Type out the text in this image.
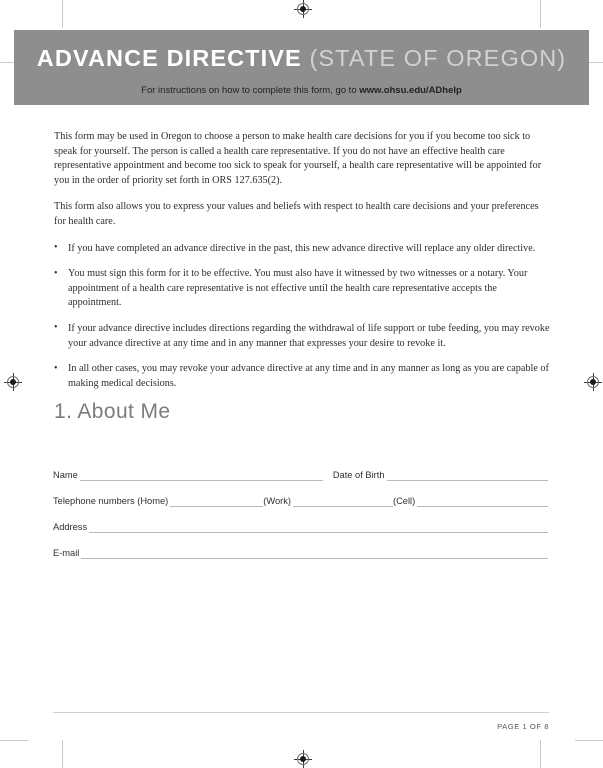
ADVANCE DIRECTIVE (STATE OF OREGON)
For instructions on how to complete this form, go to www.ohsu.edu/ADhelp

This form may be used in Oregon to choose a person to make health care decisions for you if you become too sick to speak for yourself. The person is called a health care representative. If you do not have an effective health care representative appointment and become too sick to speak for yourself, a health care representative will be appointed for you in the order of priority set forth in ORS 127.635(2).

This form also allows you to express your values and beliefs with respect to health care decisions and your preferences for health care.

• If you have completed an advance directive in the past, this new advance directive will replace any older directive.
• You must sign this form for it to be effective. You must also have it witnessed by two witnesses or a notary. Your appointment of a health care representative is not effective until the health care representative accepts the appointment.
• If your advance directive includes directions regarding the withdrawal of life support or tube feeding, you may revoke your advance directive at any time and in any manner that expresses your desire to revoke it.
• In all other cases, you may revoke your advance directive at any time and in any manner as long as you are capable of making medical decisions.
1. About Me
Name	Date of Birth
Telephone numbers (Home)	(Work)	(Cell)
Address
E-mail
PAGE 1 OF 8
